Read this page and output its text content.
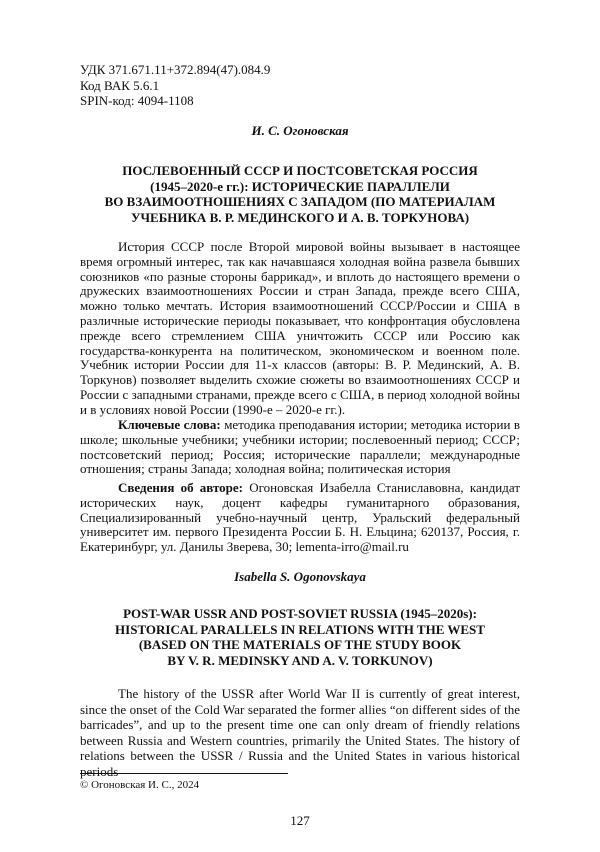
УДК 371.671.11+372.894(47).084.9
Код ВАК 5.6.1
SPIN-код: 4094-1108
И. С. Огоновская
ПОСЛЕВОЕННЫЙ СССР И ПОСТСОВЕТСКАЯ РОССИЯ
(1945–2020-е гг.): ИСТОРИЧЕСКИЕ ПАРАЛЛЕЛИ
ВО ВЗАИМООТНОШЕНИЯХ С ЗАПАДОМ (ПО МАТЕРИАЛАМ
УЧЕБНИКА В. Р. МЕДИНСКОГО И А. В. ТОРКУНОВА)

История СССР после Второй мировой войны вызывает в настоящее время огромный интерес, так как начавшаяся холодная война развела бывших союзников «по разные стороны баррикад», и вплоть до настоящего времени о дружеских взаимоотношениях России и стран Запада, прежде всего США, можно только мечтать. История взаимоотношений СССР/России и США в различные исторические периоды показывает, что конфронтация обусловлена прежде всего стремлением США уничтожить СССР или Россию как государства-конкурента на политическом, экономическом и военном поле. Учебник истории России для 11-х классов (авторы: В. Р. Мединский, А. В. Торкунов) позволяет выделить схожие сюжеты во взаимоотношениях СССР и России с западными странами, прежде всего с США, в период холодной войны и в условиях новой России (1990-е – 2020-е гг.).

Ключевые слова: методика преподавания истории; методика истории в школе; школьные учебники; учебники истории; послевоенный период; СССР; постсоветский период; Россия; исторические параллели; международные отношения; страны Запада; холодная война; политическая история

Сведения об авторе: Огоновская Изабелла Станиславовна, кандидат исторических наук, доцент кафедры гуманитарного образования, Специализированный учебно-научный центр, Уральский федеральный университет им. первого Президента России Б. Н. Ельцина; 620137, Россия, г. Екатеринбург, ул. Данилы Зверева, 30; lementa-irro@mail.ru

Isabella S. Ogonovskaya
POST-WAR USSR AND POST-SOVIET RUSSIA (1945–2020s):
HISTORICAL PARALLELS IN RELATIONS WITH THE WEST
(BASED ON THE MATERIALS OF THE STUDY BOOK
BY V. R. MEDINSKY AND A. V. TORKUNOV)

The history of the USSR after World War II is currently of great interest, since the onset of the Cold War separated the former allies “on different sides of the barricades”, and up to the present time one can only dream of friendly relations between Russia and Western countries, primarily the United States. The history of relations between the USSR / Russia and the United States in various historical periods

© Огоновская И. С., 2024
127
